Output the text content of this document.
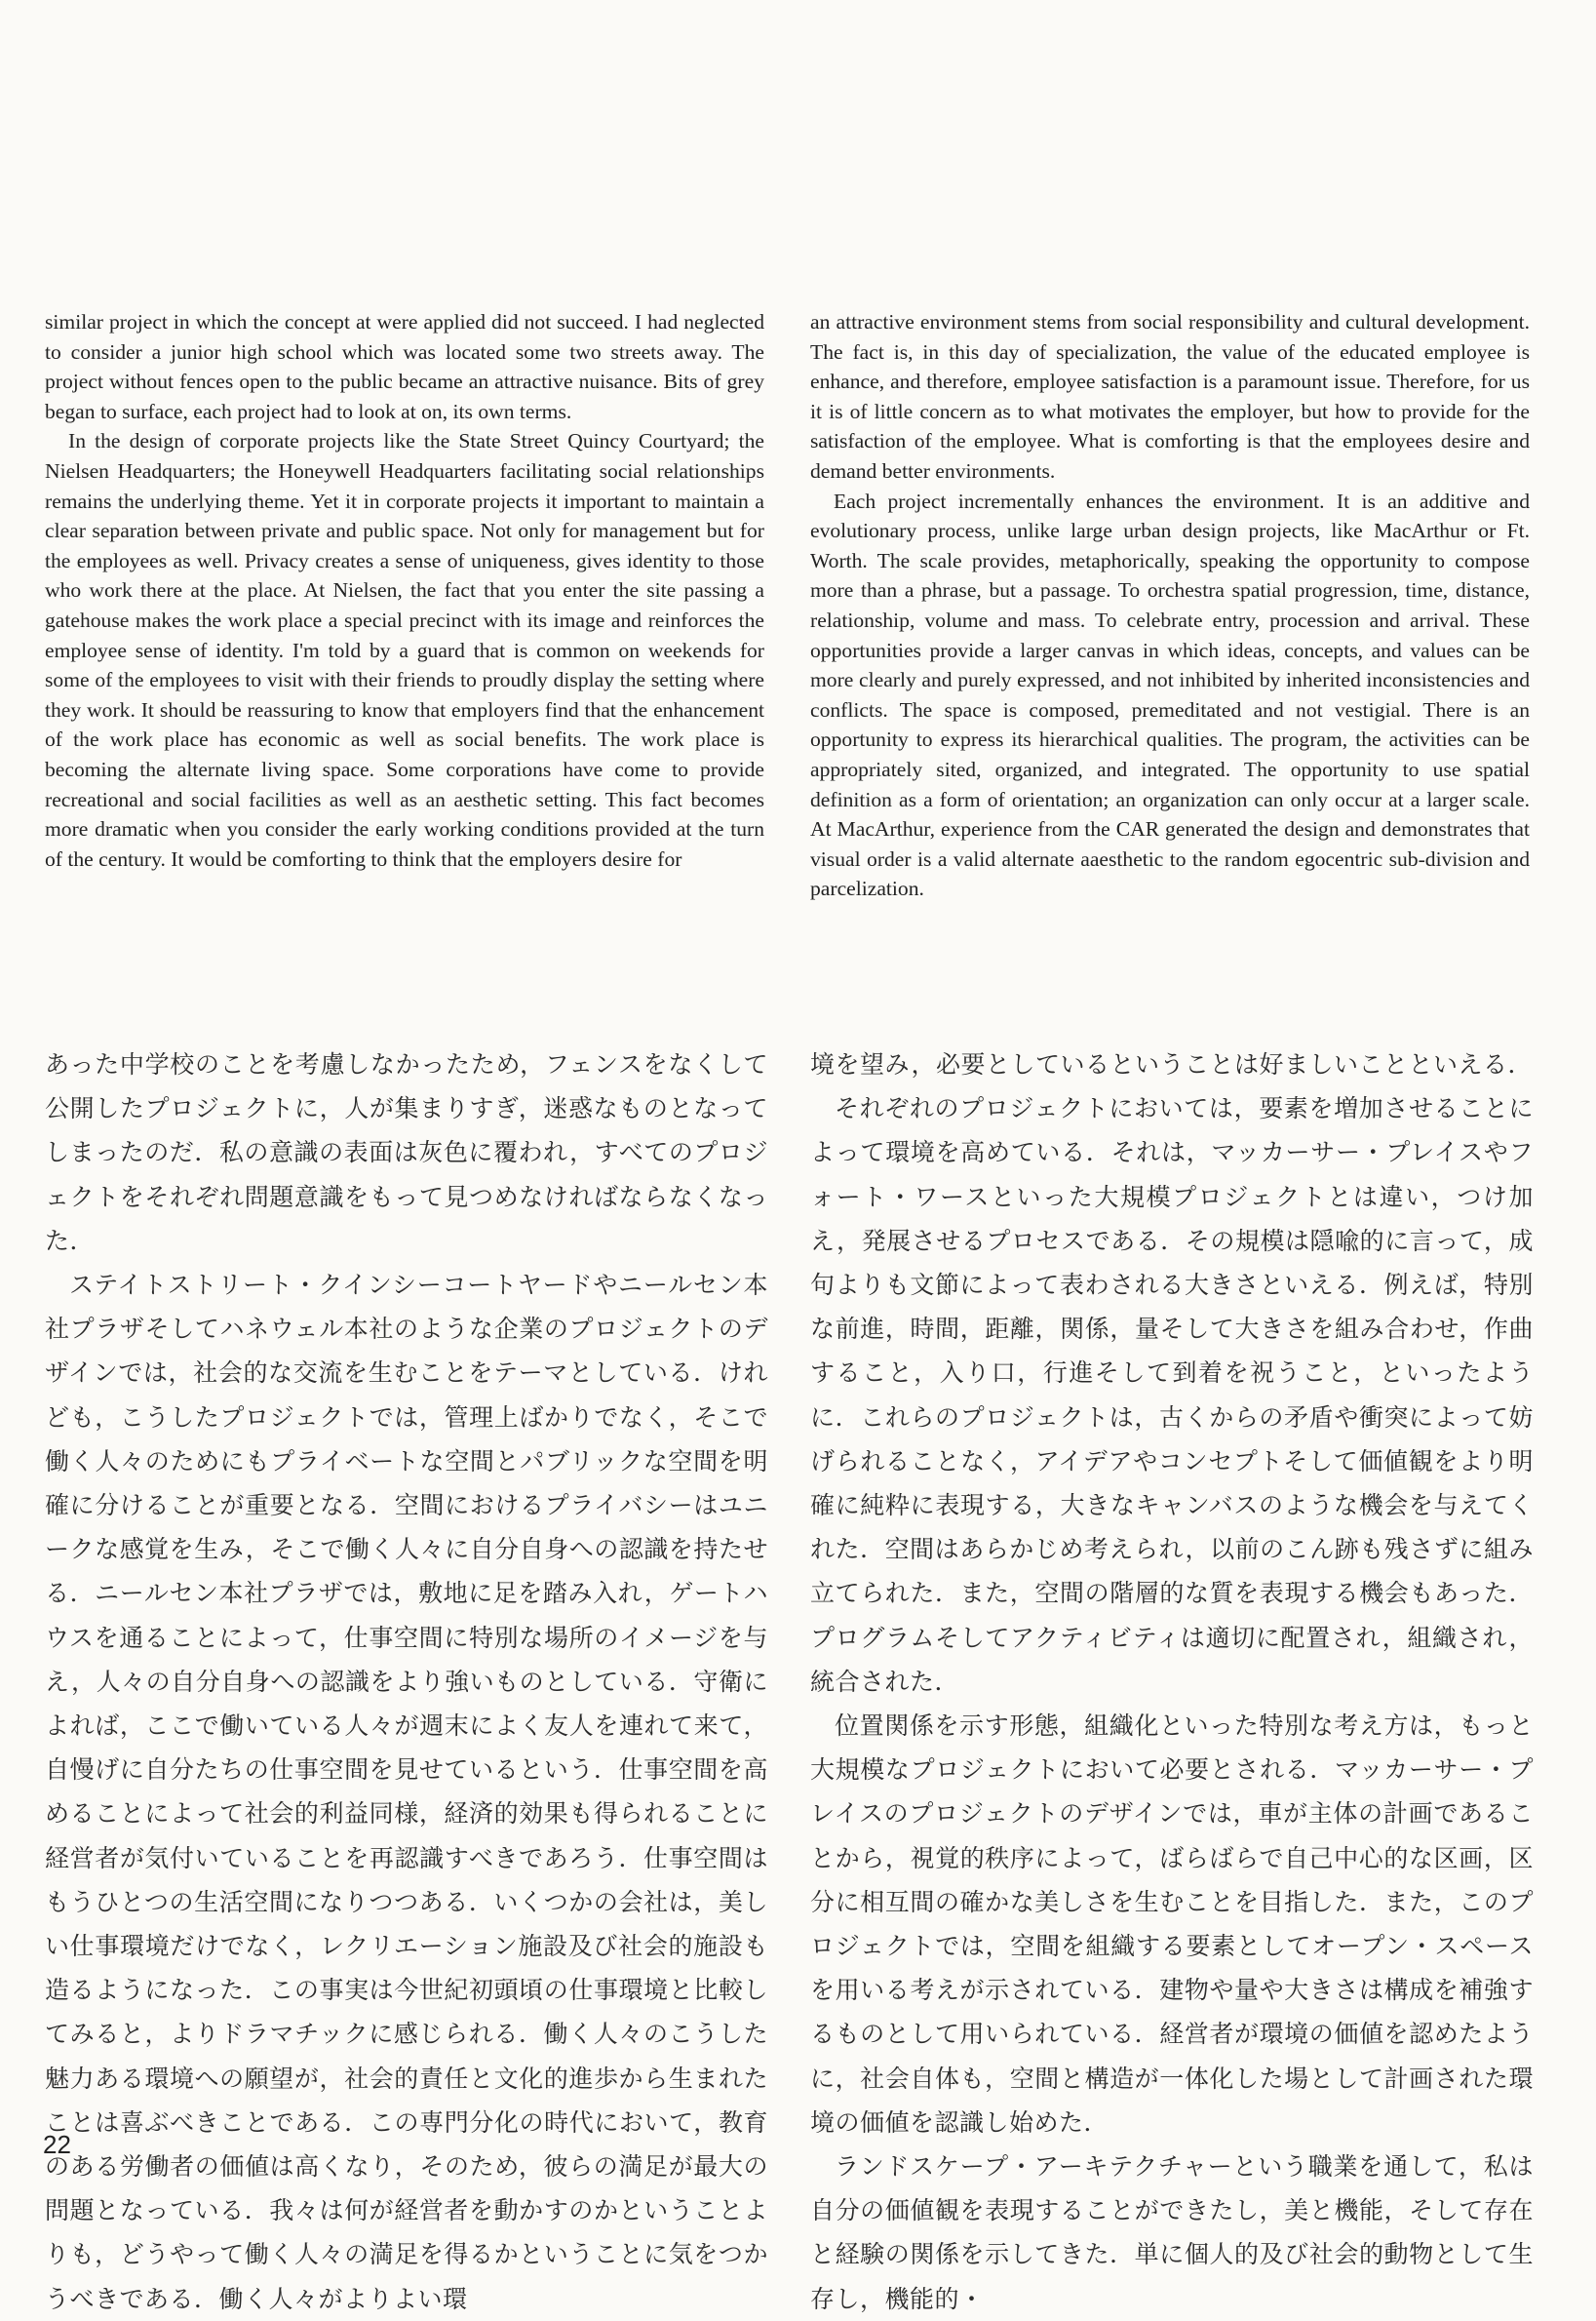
similar project in which the concept at were applied did not succeed. I had neglected to consider a junior high school which was located some two streets away. The project without fences open to the public became an attractive nuisance. Bits of grey began to surface, each project had to look at on, its own terms.

In the design of corporate projects like the State Street Quincy Courtyard; the Nielsen Headquarters; the Honeywell Headquarters facilitating social relationships remains the underlying theme. Yet it in corporate projects it important to maintain a clear separation between private and public space. Not only for management but for the employees as well. Privacy creates a sense of uniqueness, gives identity to those who work there at the place. At Nielsen, the fact that you enter the site passing a gatehouse makes the work place a special precinct with its image and reinforces the employee sense of identity. I'm told by a guard that is common on weekends for some of the employees to visit with their friends to proudly display the setting where they work. It should be reassuring to know that employers find that the enhancement of the work place has economic as well as social benefits. The work place is becoming the alternate living space. Some corporations have come to provide recreational and social facilities as well as an aesthetic setting. This fact becomes more dramatic when you consider the early working conditions provided at the turn of the century. It would be comforting to think that the employers desire for

an attractive environment stems from social responsibility and cultural development. The fact is, in this day of specialization, the value of the educated employee is enhance, and therefore, employee satisfaction is a paramount issue. Therefore, for us it is of little concern as to what motivates the employer, but how to provide for the satisfaction of the employee. What is comforting is that the employees desire and demand better environments.

Each project incrementally enhances the environment. It is an additive and evolutionary process, unlike large urban design projects, like MacArthur or Ft. Worth. The scale provides, metaphorically, speaking the opportunity to compose more than a phrase, but a passage. To orchestra spatial progression, time, distance, relationship, volume and mass. To celebrate entry, procession and arrival. These opportunities provide a larger canvas in which ideas, concepts, and values can be more clearly and purely expressed, and not inhibited by inherited inconsistencies and conflicts. The space is composed, premeditated and not vestigial. There is an opportunity to express its hierarchical qualities. The program, the activities can be appropriately sited, organized, and integrated. The opportunity to use spatial definition as a form of orientation; an organization can only occur at a larger scale. At MacArthur, experience from the CAR generated the design and demonstrates that visual order is a valid alternate aaesthetic to the random egocentric sub-division and parcelization.

あった中学校のことを考慮しなかったため，フェンスをなくして公開したプロジェクトに，人が集まりすぎ，迷惑なものとなってしまったのだ．私の意識の表面は灰色に覆われ，すべてのプロジェクトをそれぞれ問題意識をもって見つめなければならなくなった．

ステイトストリート・クインシーコートヤードやニールセン本社プラザそしてハネウェル本社のような企業のプロジェクトのデザインでは，社会的な交流を生むことをテーマとしている．けれども，こうしたプロジェクトでは，管理上ばかりでなく，そこで働く人々のためにもプライベートな空間とパブリックな空間を明確に分けることが重要となる．空間におけるプライバシーはユニークな感覚を生み，そこで働く人々に自分自身への認識を持たせる．ニールセン本社プラザでは，敷地に足を踏み入れ，ゲートハウスを通ることによって，仕事空間に特別な場所のイメージを与え，人々の自分自身への認識をより強いものとしている．守衛によれば，ここで働いている人々が週末によく友人を連れて来て，自慢げに自分たちの仕事空間を見せているという．仕事空間を高めることによって社会的利益同様，経済的効果も得られることに経営者が気付いていることを再認識すべきであろう．仕事空間はもうひとつの生活空間になりつつある．いくつかの会社は，美しい仕事環境だけでなく，レクリエーション施設及び社会的施設も造るようになった．この事実は今世紀初頭頃の仕事環境と比較してみると，よりドラマチックに感じられる．働く人々のこうした魅力ある環境への願望が，社会的責任と文化的進歩から生まれたことは喜ぶべきことである．この専門分化の時代において，教育のある労働者の価値は高くなり，そのため，彼らの満足が最大の問題となっている．我々は何が経営者を動かすのかということよりも，どうやって働く人々の満足を得るかということに気をつかうべきである．働く人々がよりよい環

境を望み，必要としているということは好ましいことといえる．

それぞれのプロジェクトにおいては，要素を増加させることによって環境を高めている．それは，マッカーサー・プレイスやフォート・ワースといった大規模プロジェクトとは違い，つけ加え，発展させるプロセスである．その規模は隠喩的に言って，成句よりも文節によって表わされる大きさといえる．例えば，特別な前進，時間，距離，関係，量そして大きさを組み合わせ，作曲すること，入り口，行進そして到着を祝うこと，といったように．これらのプロジェクトは，古くからの矛盾や衝突によって妨げられることなく，アイデアやコンセプトそして価値観をより明確に純粋に表現する，大きなキャンバスのような機会を与えてくれた．空間はあらかじめ考えられ，以前のこん跡も残さずに組み立てられた．また，空間の階層的な質を表現する機会もあった．プログラムそしてアクティビティは適切に配置され，組織され，統合された．

位置関係を示す形態，組織化といった特別な考え方は，もっと大規模なプロジェクトにおいて必要とされる．マッカーサー・プレイスのプロジェクトのデザインでは，車が主体の計画であることから，視覚的秩序によって，ばらばらで自己中心的な区画，区分に相互間の確かな美しさを生むことを目指した．また，このプロジェクトでは，空間を組織する要素としてオープン・スペースを用いる考えが示されている．建物や量や大きさは構成を補強するものとして用いられている．経営者が環境の価値を認めたように，社会自体も，空間と構造が一体化した場として計画された環境の価値を認識し始めた．

ランドスケープ・アーキテクチャーという職業を通して，私は自分の価値観を表現することができたし，美と機能，そして存在と経験の関係を示してきた．単に個人的及び社会的動物として生存し，機能的・

22
